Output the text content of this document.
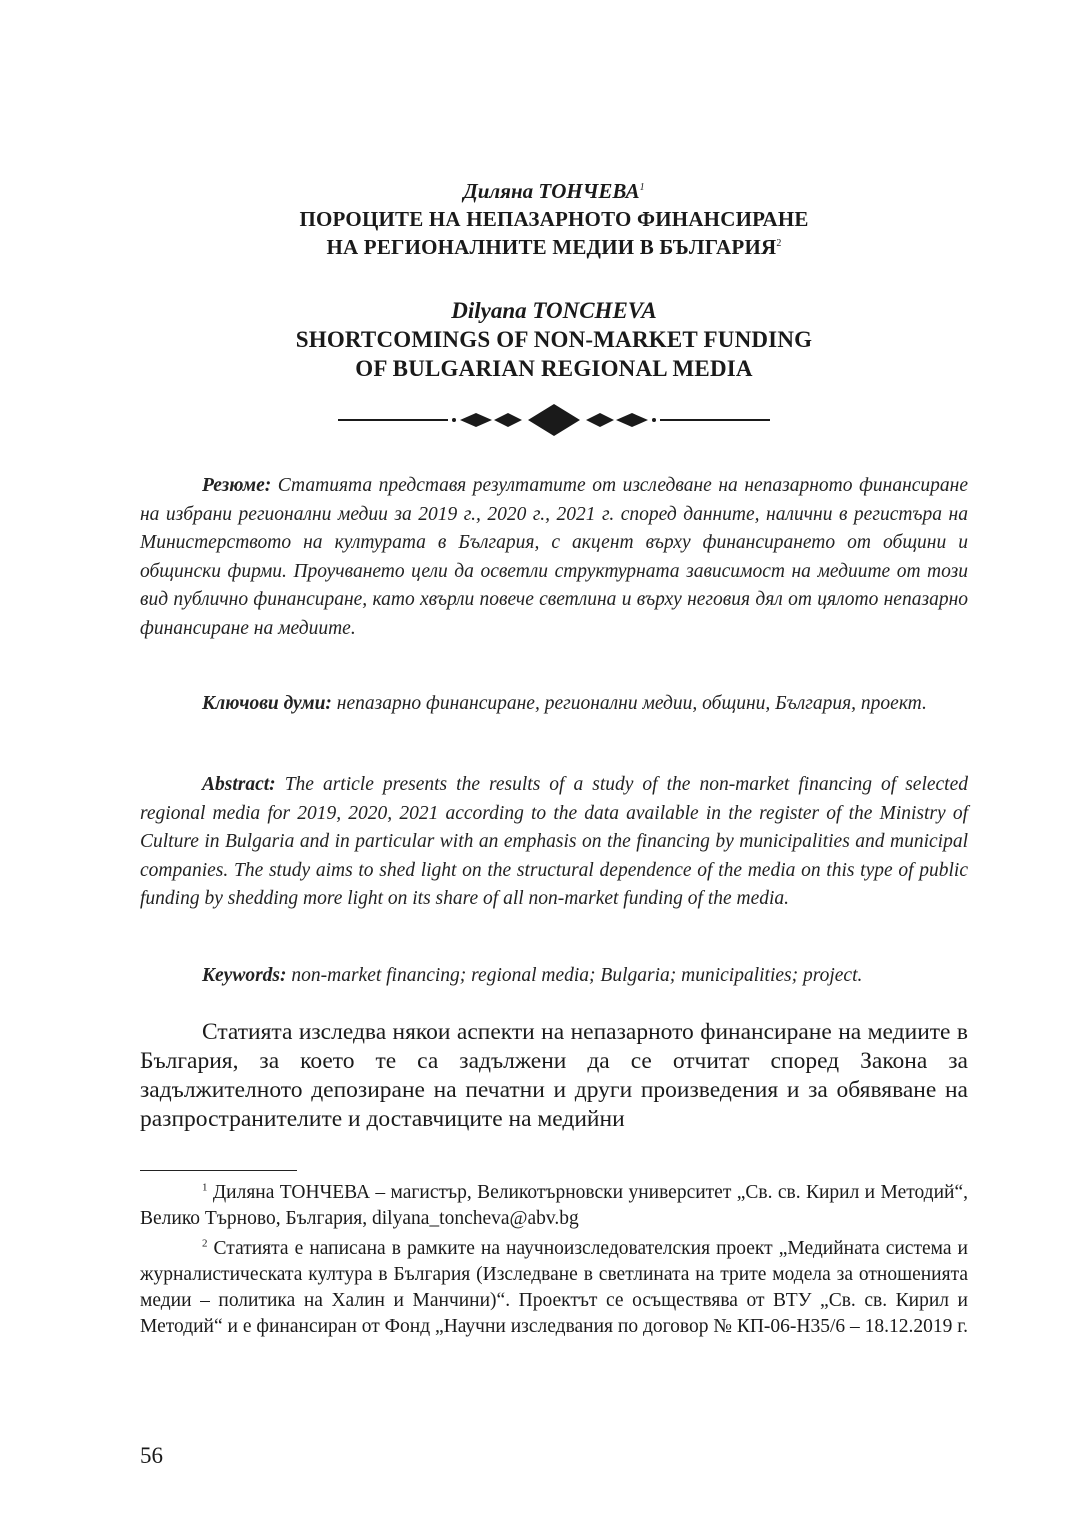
Диляна ТОНЧЕВА$^1$
ПОРОЦИТЕ НА НЕПАЗАРНОТО ФИНАНСИРАНЕ
НА РЕГИОНАЛНИТЕ МЕДИИ В БЪЛГАРИЯ$^2$
Dilyana TONCHEVA
SHORTCOMINGS OF NON-MARKET FUNDING
OF BULGARIAN REGIONAL MEDIA
Резюме: Статията представя резултатите от изследване на непазарното финансиране на избрани регионални медии за 2019 г., 2020 г., 2021 г. според данните, налични в регистъра на Министерството на културата в България, с акцент върху финансирането от общини и общински фирми. Проучването цели да осветли структурната зависимост на медиите от този вид публично финансиране, като хвърли повече светлина и върху неговия дял от цялото непазарно финансиране на медиите.
Ключови думи: непазарно финансиране, регионални медии, общини, България, проект.
Abstract: The article presents the results of a study of the non-market financing of selected regional media for 2019, 2020, 2021 according to the data available in the register of the Ministry of Culture in Bulgaria and in particular with an emphasis on the financing by municipalities and municipal companies. The study aims to shed light on the structural dependence of the media on this type of public funding by shedding more light on its share of all non-market funding of the media.
Keywords: non-market financing; regional media; Bulgaria; municipalities; project.
Статията изследва някои аспекти на непазарното финансиране на медиите в България, за което те са задължени да се отчитат според Закона за задължителното депозиране на печатни и други произведения и за обявяване на разпространителите и доставчиците на медийни
$^1$ Диляна ТОНЧЕВА – магистър, Великотърновски университет „Св. св. Кирил и Методий“, Велико Търново, България, dilyana_toncheva@abv.bg
$^2$ Статията е написана в рамките на научноизследователския проект „Медийната система и журналистическата култура в България (Изследване в светлината на трите модела за отношенията медии – политика на Халин и Манчини)“. Проектът се осъществява от ВТУ „Св. св. Кирил и Методий“ и е финансиран от Фонд „Научни изследвания по договор № КП-06-Н35/6 – 18.12.2019 г.
56
